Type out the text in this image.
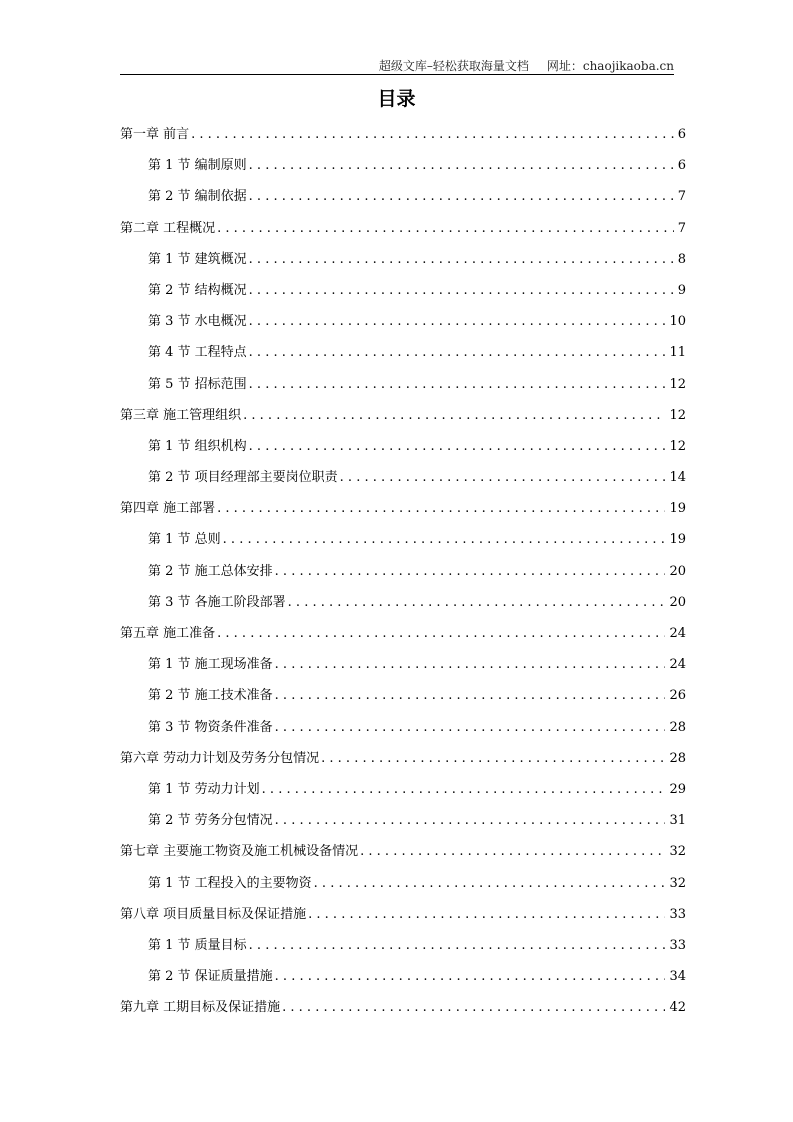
超级文库–轻松获取海量文档 网址：chaojikaoba.cn
目录
第一章 前言 . . .	6
第 1 节 编制原则 . . .	6
第 2 节 编制依据 . . .	7
第二章 工程概况 . . .	7
第 1 节 建筑概况 . . .	8
第 2 节 结构概况 . . .	9
第 3 节 水电概况 . . .	10
第 4 节 工程特点 . . .	11
第 5 节 招标范围 . . .	12
第三章 施工管理组织 . . .	12
第 1 节 组织机构 . . .	12
第 2 节 项目经理部主要岗位职责 . . .	14
第四章 施工部署 . . .	19
第 1 节 总则 . . .	19
第 2 节 施工总体安排 . . .	20
第 3 节 各施工阶段部署 . . .	20
第五章 施工准备 . . .	24
第 1 节 施工现场准备 . . .	24
第 2 节 施工技术准备 . . .	26
第 3 节 物资条件准备 . . .	28
第六章 劳动力计划及劳务分包情况 . . .	28
第 1 节 劳动力计划 . . .	29
第 2 节 劳务分包情况 . . .	31
第七章 主要施工物资及施工机械设备情况 . . .	32
第 1 节 工程投入的主要物资 . . .	32
第八章 项目质量目标及保证措施 . . .	33
第 1 节 质量目标 . . .	33
第 2 节 保证质量措施 . . .	34
第九章 工期目标及保证措施 . . .	42
